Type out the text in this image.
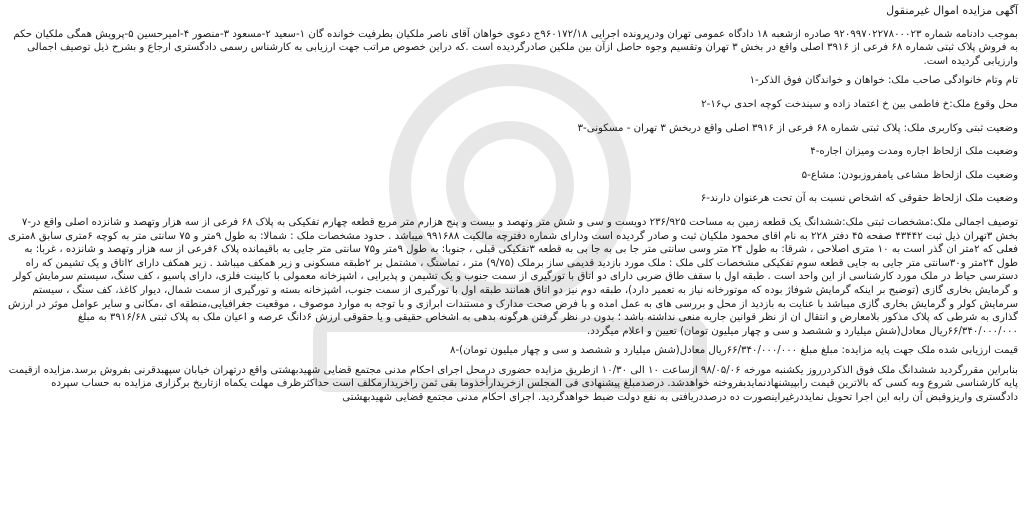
آگهی مزایده اموال غیرمنقول

بموجب دادنامه شماره ۹۲۰۹۹۷۰۲۲۷۸۰۰۰۲۳ صادره ازشعبه ۱۸ دادگاه عمومی تهران ودرپرونده اجرایی ۹۶۰۱۷۲/۱۸ج دعوی خواهان آقای ناصر ملکیان بطرفیت خوانده گان ۱-سعید ۲-مسعود ۳-منصور ۴-امیرحسین ۵-پرویش همگی ملکیان حکم به فروش پلاک ثبتی شماره ۶۸ فرعی از ۳۹۱۶ اصلی واقع در بخش ۳ تهران وتقسیم وجوه حاصل ازآن بین ملکین صادرگردیده است .که دراین خصوص مراتب جهت ارزیابی به کارشناس رسمی دادگستری ارجاع و بشرح ذیل توصیف اجمالی وارزیابی گردیده است.

تام وتام خانوادگی صاحب ملک: خواهان و خواندگان فوق الذکر-۱

محل وقوع ملک:خ فاطمی بین خ اعتماد زاده و سیندخت کوچه احدی پ۱۶-۲

وضعیت ثبتی وکاربری ملک: پلاک ثبتی شماره ۶۸ فرعی از ۳۹۱۶ اصلی واقع دربخش ۳ تهران - مسکونی-۳

وضعیت ملک ازلحاظ اجاره ومدت ومیزان اجاره-۴

وضعیت ملک ازلحاظ مشاعی یامفروزبودن: مشاع-۵

وضعیت ملک ازلحاظ حقوقی که اشخاص نسبت به آن تحت هرعنوان دارند-۶

توصیف اجمالی ملک:مشخصات ثبتی ملک:ششدانگ یک قطعه زمین به مساحت ۲۳۶/۹۲۵ دویست و سی و شش متر وتهصد و بیست و پنج هزارم متر مربع قطعه چهارم تفکیکی به پلاک ۶۸ فرعی از سه هزار وتهصد و شانزده اصلی واقع در-۷ بخش ۳تهران ذیل ثبت ۴۳۴۴۲ صفحه ۴۵ دفتر ۲۲۸ به نام اقای محمود ملکیان ثبت و صادر گردیده است ودارای شماره دفترچه مالکیت ۹۹۱۶۸۸ میباشد . حدود مشخصات ملک : شمالا: به طول ۹متر و ۷۵ سانتی متر به کوچه ۶متری سابق ۸متری فعلی که ۲متر ان گذر است به ۱۰ متری اصلاحی ، شرقا: به طول ۲۴ متر وسی سانتی متر جا بی به جا بی به قطعه ۳تفکیکی قبلی ، جنوبا: به طول ۹متر و۷۵ سانتی متر جایی به باقیمانده پلاک ۶فرعی از سه هزار وتهصد و شانزده ، غربا: به طول ۲۴متر و۳۰سانتی متر جایی به جایی قطعه سوم تفکیکی مشخصات کلی ملک : ملک مورد بازدید قدیمی ساز برملک (۹/۷۵) متر ، تماستگ ، مشتمل بر ۲طبقه مسکونی و زیر همکف میباشد . زیر همکف دارای ۲اتاق و یک تشیمن که راه دسترسی حیاط در ملک مورد کارشناسی از این واحد است . طبقه اول با سقف طاق ضربی دارای دو اتاق با تورگیری از سمت جنوب و یک تشیمن و پذیرایی ، اشپزخانه معمولی با کابینت فلزی، دارای پاسیو ، کف سنگ، سیستم سرمایش کولر و گرمایش بخاری گازی (توضیح بر اینکه گرمایش شوفاژ بوده که موتورخانه نیاز به تعمیر دارد)، طبقه دوم نیز دو اتاق همانند طبقه اول با تورگیری از سمت جنوب، اشپزخانه بسته و تورگیری از سمت شمال، دیوار کاغذ، کف سنگ ، سیستم سرمایش کولر و گرمایش بخاری گازی میباشد با عنایت به بازدید از محل و بررسی های به عمل امده و با فرض صحت مدارک و مستندات ابرازی و با توجه به موارد موصوف ، موقعیت جغرافیایی،منطقه ای ،مکانی و سایر عوامل موثر در ارزش گذاری به شرطی که پلاک مذکور بلامعارض و انتقال ان از نظر قوانین جاریه منعی نداشته باشد ؛ بدون در نظر گرفتن هرگونه بدهی به اشخاص حقیقی و یا حقوقی ارزش ۶دانگ عرصه و اعیان ملک به پلاک ثبتی ۳۹۱۶/۶۸ به مبلغ ۶۶/۳۴۰/۰۰۰/۰۰۰ریال معادل(شش میلیارد و ششصد و سی و چهار میلیون تومان) تعیین و اعلام میگردد.

قیمت ارزیابی شده ملک جهت پایه مزایده: مبلغ مبلغ ۶۶/۳۴۰/۰۰۰/۰۰۰ریال معادل(شش میلیارد و ششصد و سی و چهار میلیون تومان)-۸

بنابراین مقررگردید ششدانگ ملک فوق الذکردرروز یکشنبه مورخه ۹۸/۰۵/۰۶ ازساعت ۱۰ الی ۱۰/۳۰ ازطریق مزایده حضوری درمحل اجرای احکام مدنی مجتمع قضایی شهیدبهشتی واقع درتهران خیابان سپهبدقرنی بفروش برسد.مزایده ازقیمت پایه کارشناسی شروع وبه کسی که بالاترین قیمت رابپیشنهادنمایدبفروخته خواهدشد. درصدمبلغ پیشنهادی فی المجلس ازخریدارأخذوما بقی ثمن راخریدارمکلف است حداکثرظرف مهلت یکماه ازتاریخ برگزاری مزایده به حساب سپرده دادگستری واریزوقبض آن رابه این اجرا تحویل نمایددرغیراینصورت ده درصددریافتی به نفع دولت ضبط خواهدگردید. اجرای احکام مدنی مجتمع قضایی شهیدبهشتی
